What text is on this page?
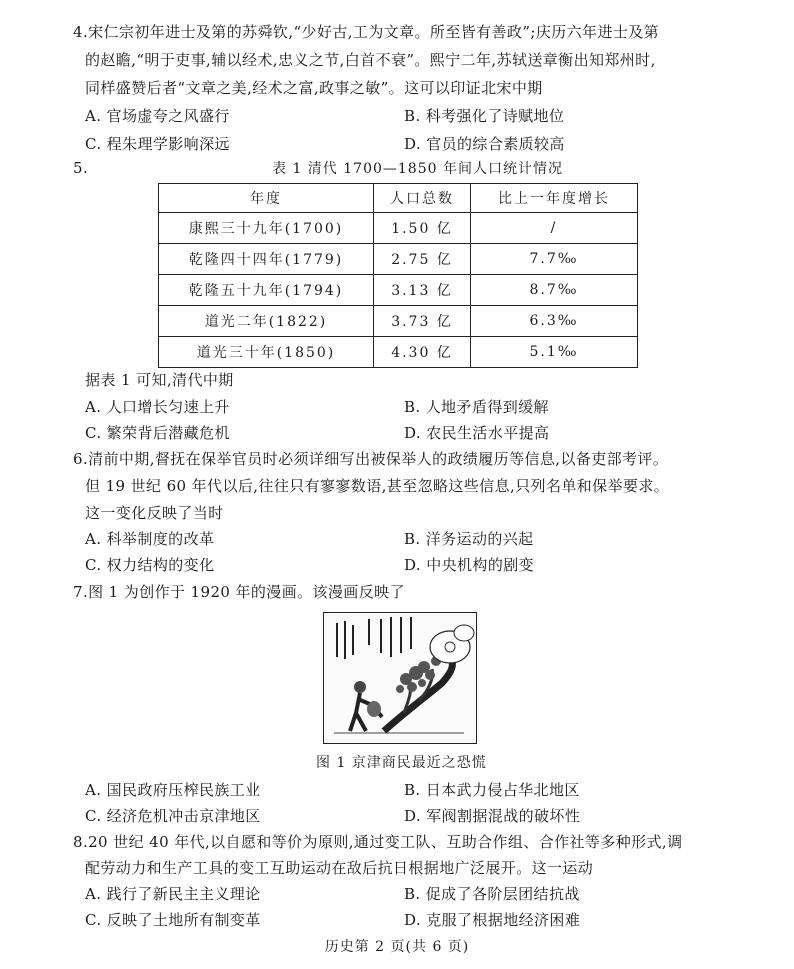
4.宋仁宗初年进士及第的苏舜钦,“少好古,工为文章。所至皆有善政”;庆历六年进士及第
的赵瞻,“明于吏事,辅以经术,忠义之节,白首不衰”。熙宁二年,苏轼送章衡出知郑州时,
同样盛赞后者“文章之美,经术之富,政事之敏”。这可以印证北宋中期
A. 官场虚夸之风盛行	B. 科考强化了诗赋地位
C. 程朱理学影响深远	D. 官员的综合素质较高
5.	表 1 清代 1700—1850 年间人口统计情况
年度	人口总数	比上一年度增长
康熙三十九年(1700)	1.50 亿	/
乾隆四十四年(1779)	2.75 亿	7.7‰
乾隆五十九年(1794)	3.13 亿	8.7‰
道光二年(1822)	3.73 亿	6.3‰
道光三十年(1850)	4.30 亿	5.1‰
据表 1 可知,清代中期
A. 人口增长匀速上升	B. 人地矛盾得到缓解
C. 繁荣背后潜藏危机	D. 农民生活水平提高
6.清前中期,督抚在保举官员时必须详细写出被保举人的政绩履历等信息,以备吏部考评。
但 19 世纪 60 年代以后,往往只有寥寥数语,甚至忽略这些信息,只列名单和保举要求。
这一变化反映了当时
A. 科举制度的改革	B. 洋务运动的兴起
C. 权力结构的变化	D. 中央机构的剧变
7.图 1 为创作于 1920 年的漫画。该漫画反映了
图 1 京津商民最近之恐慌
A. 国民政府压榨民族工业	B. 日本武力侵占华北地区
C. 经济危机冲击京津地区	D. 军阀割据混战的破坏性
8.20 世纪 40 年代,以自愿和等价为原则,通过变工队、互助合作组、合作社等多种形式,调
配劳动力和生产工具的变工互助运动在敌后抗日根据地广泛展开。这一运动
A. 践行了新民主主义理论	B. 促成了各阶层团结抗战
C. 反映了土地所有制变革	D. 克服了根据地经济困难
历史第 2 页(共 6 页)
